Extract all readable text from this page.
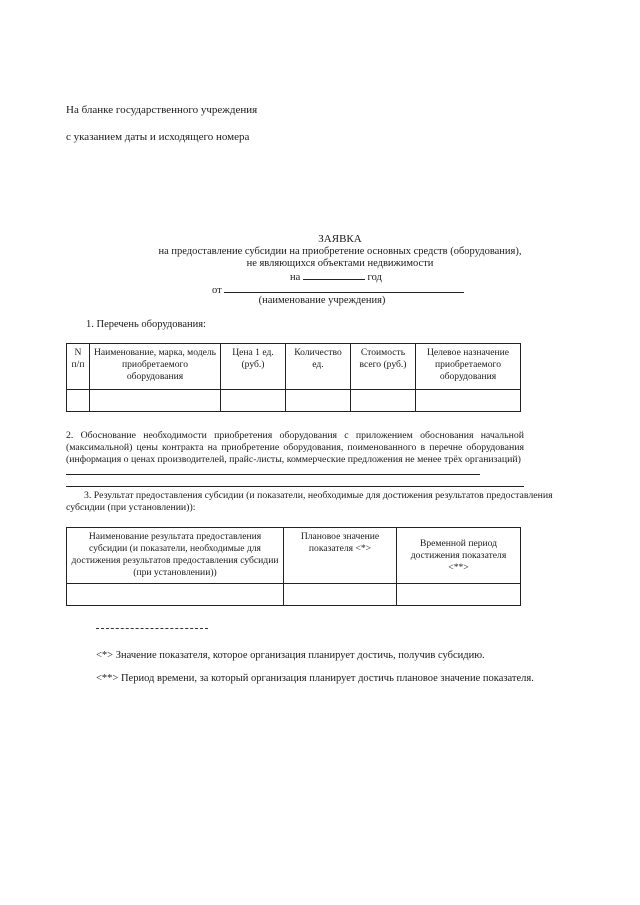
На бланке государственного учреждения
с указанием даты и исходящего номера
ЗАЯВКА
на предоставление субсидии на приобретение основных средств (оборудования),
не являющихся объектами недвижимости
на	год
от
(наименование учреждения)
1. Перечень оборудования:
N п/п	Наименование, марка, модель приобретаемого оборудования	Цена 1 ед. (руб.)	Количество ед.	Стоимость всего (руб.)	Целевое назначение приобретаемого оборудования

2. Обоснование необходимости приобретения оборудования с приложением обоснования начальной
(максимальной) цены контракта на приобретение оборудования, поименованного в перечне оборудования
(информация о ценах производителей, прайс-листы, коммерческие предложения не менее трёх организаций)
3. Результат предоставления субсидии (и показатели, необходимые для достижения результатов предоставления
субсидии (при установлении)):
Наименование результата предоставления субсидии (и показатели, необходимые для достижения результатов предоставления субсидии (при установлении))	Плановое значение показателя <*>	Временной период достижения показателя <**>

<*> Значение показателя, которое организация планирует достичь, получив субсидию.
<**> Период времени, за который организация планирует достичь плановое значение показателя.
